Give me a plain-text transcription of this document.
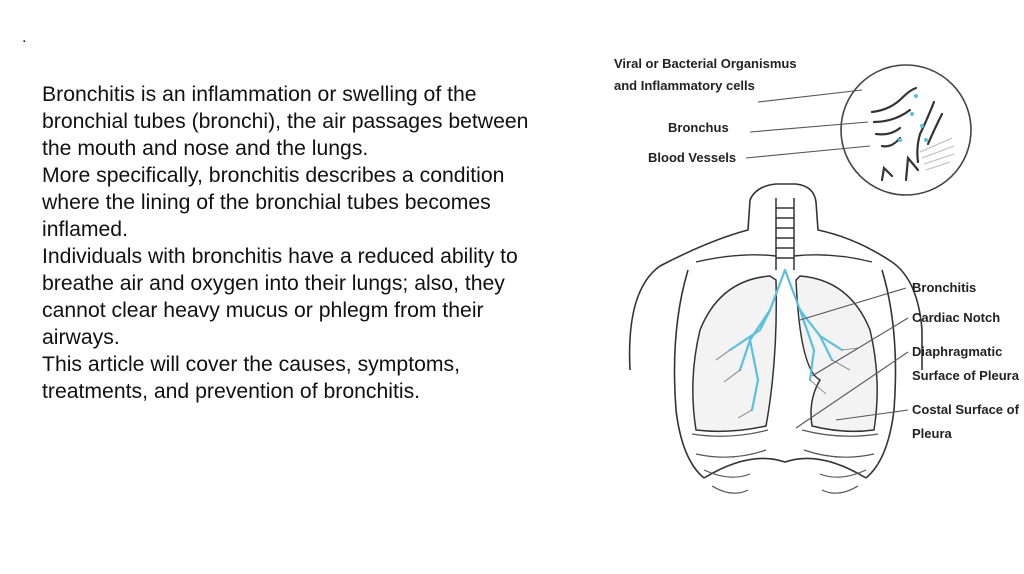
.

Bronchitis is an inflammation or swelling of the bronchial tubes (bronchi), the air passages between the mouth and nose and the lungs.

More specifically, bronchitis describes a condition where the lining of the bronchial tubes becomes inflamed.

Individuals with bronchitis have a reduced ability to breathe air and oxygen into their lungs; also, they cannot clear heavy mucus or phlegm from their airways.

This article will cover the causes, symptoms, treatments, and prevention of bronchitis.

Viral or Bacterial Organismus
and Inflammatory cells
Bronchus
Blood Vessels
Bronchitis
Cardiac Notch
Diaphragmatic
Surface of Pleura
Costal Surface of
Pleura
